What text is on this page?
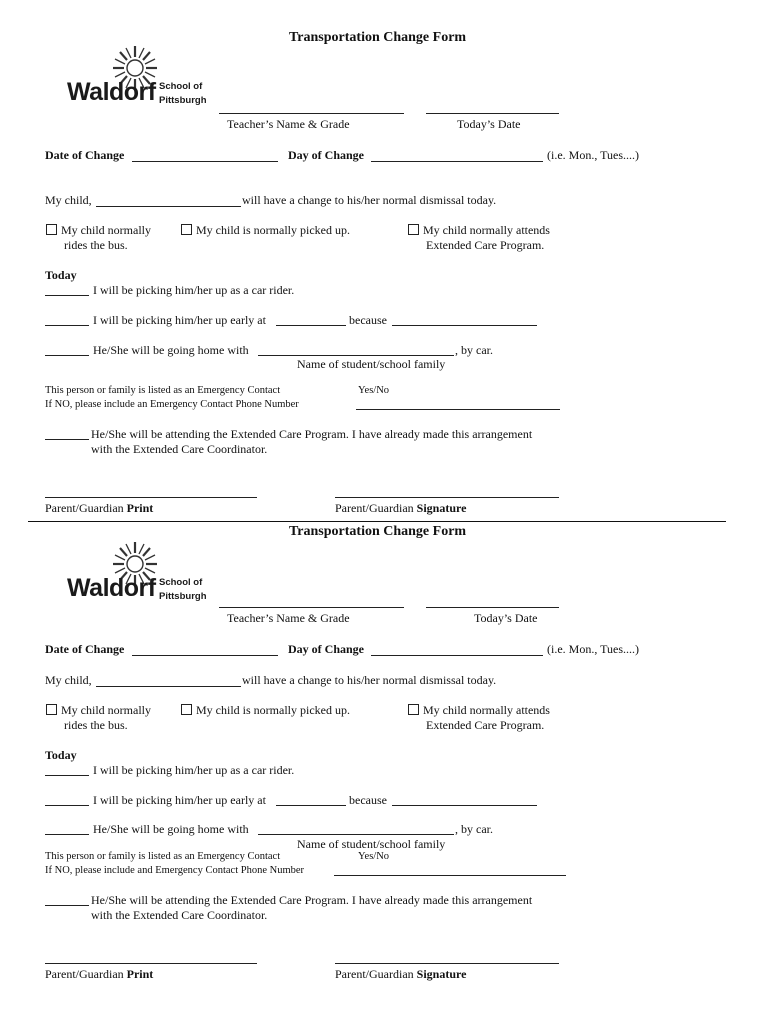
Transportation Change Form
Waldorf School of
Pittsburgh
Teacher’s Name & Grade	Today’s Date
Date of Change	Day of Change	(i.e. Mon., Tues....)
My child,	will have a change to his/her normal dismissal today.
My child normally
rides the bus.
My child is normally picked up.	My child normally attends
Extended Care Program.
Today
I will be picking him/her up as a car rider.
I will be picking him/her up early at	because
He/She will be going home with	, by car.
Name of student/school family
This person or family is listed as an Emergency Contact	Yes/No
If NO, please include an Emergency Contact Phone Number
He/She will be attending the Extended Care Program. I have already made this arrangement
with the Extended Care Coordinator.
Parent/Guardian Print	Parent/Guardian Signature
Transportation Change Form
Waldorf School of
Pittsburgh
Teacher’s Name & Grade	Today’s Date
Date of Change	Day of Change	(i.e. Mon., Tues....)
My child,	will have a change to his/her normal dismissal today.
My child normally
rides the bus.
My child is normally picked up.	My child normally attends
Extended Care Program.
Today
I will be picking him/her up as a car rider.
I will be picking him/her up early at	because
He/She will be going home with	, by car.
Name of student/school family
This person or family is listed as an Emergency Contact	Yes/No
If NO, please include and Emergency Contact Phone Number
He/She will be attending the Extended Care Program. I have already made this arrangement
with the Extended Care Coordinator.
Parent/Guardian Print	Parent/Guardian Signature
